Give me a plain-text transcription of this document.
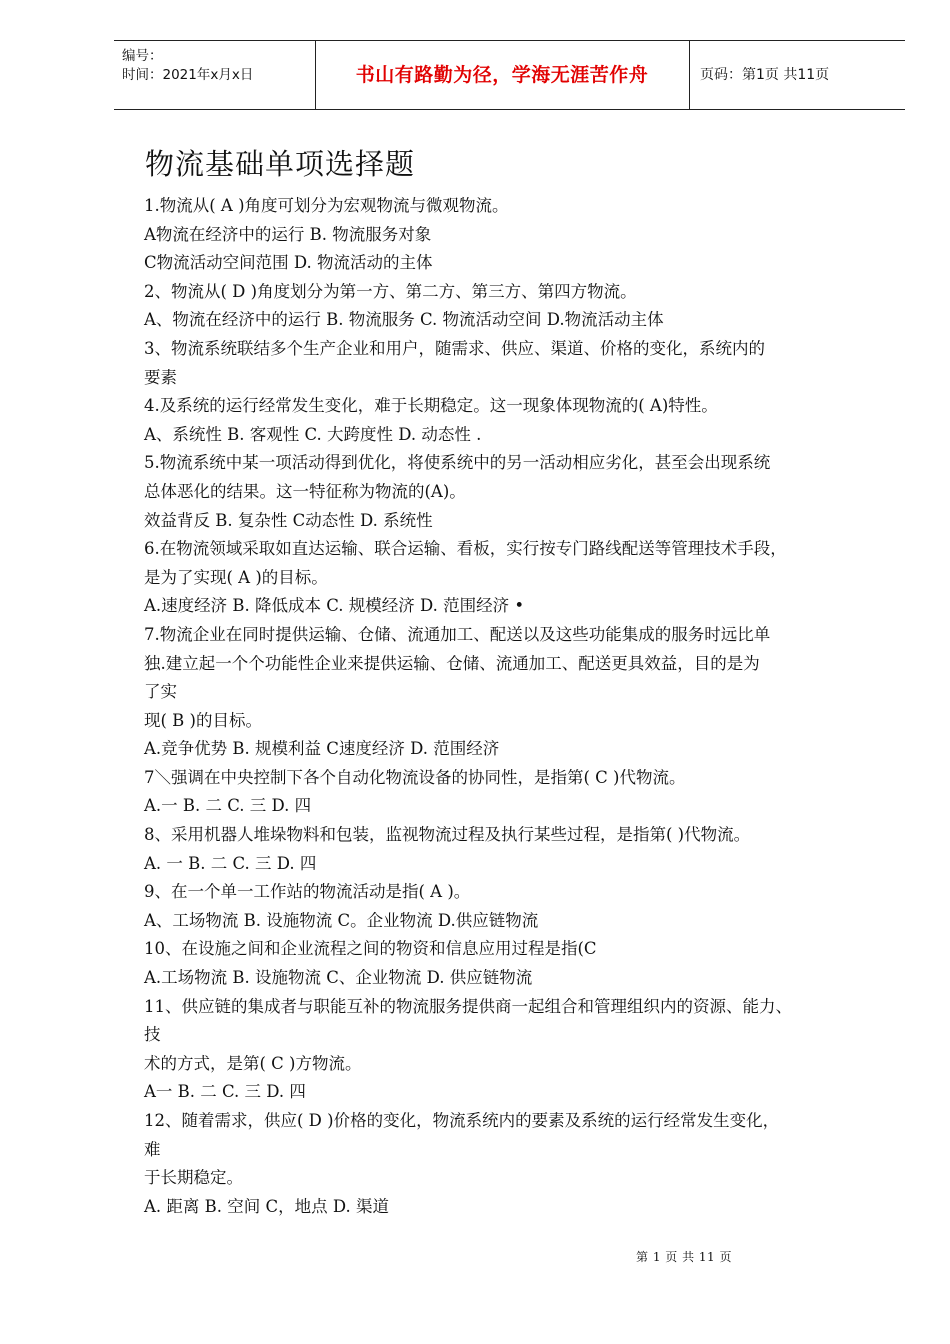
编号：
时间：2021年x月x日	书山有路勤为径，学海无涯苦作舟	页码：第1页 共11页
物流基础单项选择题
1.物流从( A )角度可划分为宏观物流与微观物流。
A物流在经济中的运行 B. 物流服务对象
C物流活动空间范围 D. 物流活动的主体
2、物流从( D )角度划分为第一方、第二方、第三方、第四方物流。
A、物流在经济中的运行 B. 物流服务 C. 物流活动空间 D.物流活动主体
3、物流系统联结多个生产企业和用户，随需求、供应、渠道、价格的变化，系统内的
要素
4.及系统的运行经常发生变化，难于长期稳定。这一现象体现物流的( A)特性。
A、系统性 B. 客观性 C. 大跨度性 D. 动态性 .
5.物流系统中某一项活动得到优化，将使系统中的另一活动相应劣化，甚至会出现系统
总体恶化的结果。这一特征称为物流的(A)。
效益背反 B. 复杂性 C动态性 D. 系统性
6.在物流领域采取如直达运输、联合运输、看板，实行按专门路线配送等管理技术手段，
是为了实现( A )的目标。
A.速度经济 B. 降低成本 C. 规模经济 D. 范围经济 •
7.物流企业在同时提供运输、仓储、流通加工、配送以及这些功能集成的服务时远比单
独.建立起一个个功能性企业来提供运输、仓储、流通加工、配送更具效益，目的是为
了实
现( B )的目标。
A.竞争优势 B. 规模利益 C速度经济 D. 范围经济
7＼强调在中央控制下各个自动化物流设备的协同性，是指第( C )代物流。
A.一 B. 二 C. 三 D. 四
8、采用机器人堆垛物料和包装，监视物流过程及执行某些过程，是指第( )代物流。
A. 一 B. 二 C. 三 D. 四
9、在一个单一工作站的物流活动是指( A )。
A、工场物流 B. 设施物流 C。企业物流 D.供应链物流
10、在设施之间和企业流程之间的物资和信息应用过程是指(C
A.工场物流 B. 设施物流 C、企业物流 D. 供应链物流
11、供应链的集成者与职能互补的物流服务提供商一起组合和管理组织内的资源、能力、
技
术的方式，是第( C )方物流。
A一 B. 二 C. 三 D. 四
12、随着需求，供应( D )价格的变化，物流系统内的要素及系统的运行经常发生变化，
难
于长期稳定。
A. 距离 B. 空间 C，地点 D. 渠道
第 1 页 共 11 页
